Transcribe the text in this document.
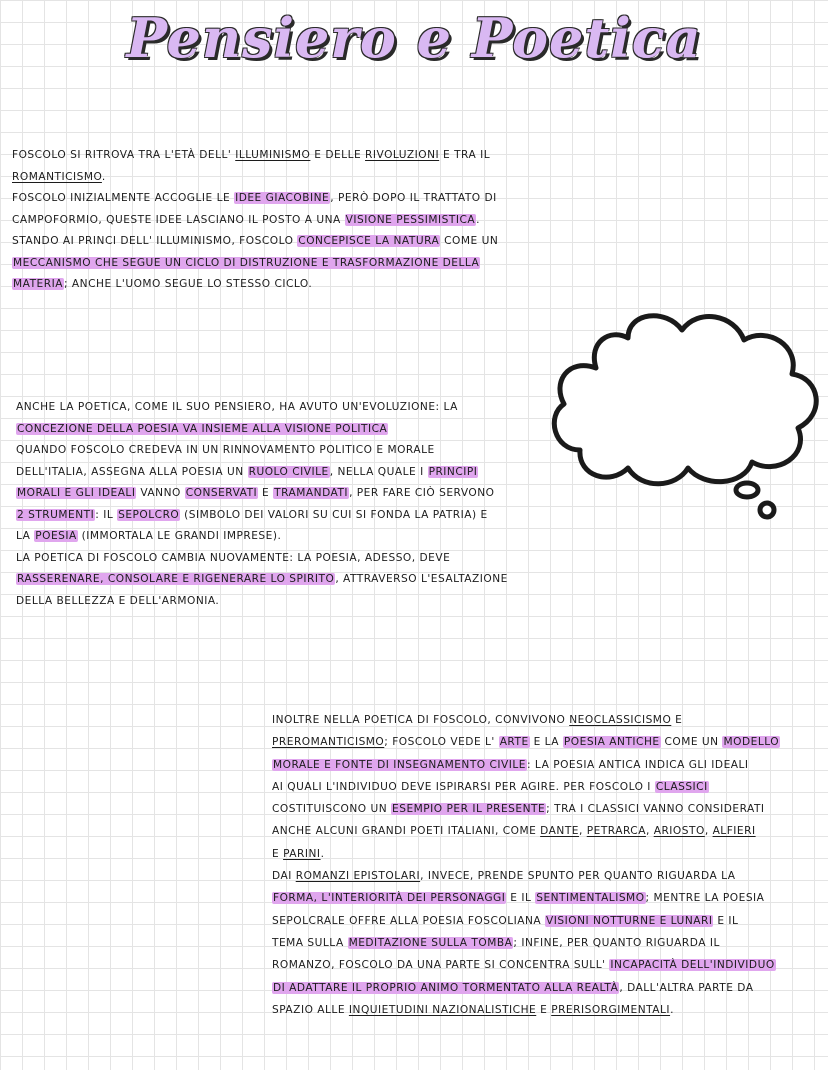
Pensiero e Poetica
FOSCOLO SI RITROVA TRA L'ETÀ DELL' ILLUMINISMO E DELLE RIVOLUZIONI E TRA IL
ROMANTICISMO.
FOSCOLO INIZIALMENTE ACCOGLIE LE IDEE GIACOBINE, PERÒ DOPO IL TRATTATO DI
CAMPOFORMIO, QUESTE IDEE LASCIANO IL POSTO A UNA VISIONE PESSIMISTICA.
STANDO AI PRINCI DELL' ILLUMINISMO, FOSCOLO CONCEPISCE LA NATURA COME UN
MECCANISMO CHE SEGUE UN CICLO DI DISTRUZIONE E TRASFORMAZIONE DELLA
MATERIA; ANCHE L'UOMO SEGUE LO STESSO CICLO.
ANCHE LA POETICA, COME IL SUO PENSIERO, HA AVUTO UN'EVOLUZIONE: LA
CONCEZIONE DELLA POESIA VA INSIEME ALLA VISIONE POLITICA
QUANDO FOSCOLO CREDEVA IN UN RINNOVAMENTO POLITICO E MORALE
DELL'ITALIA, ASSEGNA ALLA POESIA UN RUOLO CIVILE, NELLA QUALE I PRINCIPI
MORALI E GLI IDEALI VANNO CONSERVATI E TRAMANDATI, PER FARE CIÒ SERVONO
2 STRUMENTI: IL SEPOLCRO (SIMBOLO DEI VALORI SU CUI SI FONDA LA PATRIA) E
LA POESIA (IMMORTALA LE GRANDI IMPRESE).
LA POETICA DI FOSCOLO CAMBIA NUOVAMENTE: LA POESIA, ADESSO, DEVE
RASSERENARE, CONSOLARE E RIGENERARE LO SPIRITO, ATTRAVERSO L'ESALTAZIONE
DELLA BELLEZZA E DELL'ARMONIA.
INOLTRE NELLA POETICA DI FOSCOLO, CONVIVONO NEOCLASSICISMO E
PREROMANTICISMO; FOSCOLO VEDE L' ARTE E LA POESIA ANTICHE COME UN MODELLO
MORALE E FONTE DI INSEGNAMENTO CIVILE: LA POESIA ANTICA INDICA GLI IDEALI
AI QUALI L'INDIVIDUO DEVE ISPIRARSI PER AGIRE. PER FOSCOLO I CLASSICI
COSTITUISCONO UN ESEMPIO PER IL PRESENTE; TRA I CLASSICI VANNO CONSIDERATI
ANCHE ALCUNI GRANDI POETI ITALIANI, COME DANTE, PETRARCA, ARIOSTO, ALFIERI
E PARINI.
DAI ROMANZI EPISTOLARI, INVECE, PRENDE SPUNTO PER QUANTO RIGUARDA LA
FORMA, L'INTERIORITÀ DEI PERSONAGGI E IL SENTIMENTALISMO; MENTRE LA POESIA
SEPOLCRALE OFFRE ALLA POESIA FOSCOLIANA VISIONI NOTTURNE E LUNARI E IL
TEMA SULLA MEDITAZIONE SULLA TOMBA; INFINE, PER QUANTO RIGUARDA IL
ROMANZO, FOSCOLO DA UNA PARTE SI CONCENTRA SULL' INCAPACITÀ DELL'INDIVIDUO
DI ADATTARE IL PROPRIO ANIMO TORMENTATO ALLA REALTÀ, DALL'ALTRA PARTE DA
SPAZIO ALLE INQUIETUDINI NAZIONALISTICHE E PRERISORGIMENTALI.
